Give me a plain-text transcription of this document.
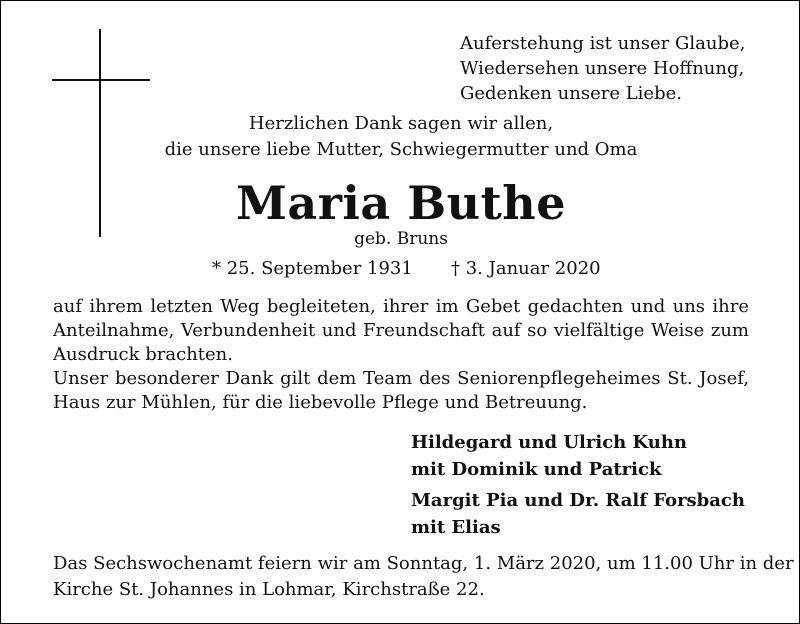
Auferstehung ist unser Glaube,
Wiedersehen unsere Hoffnung,
Gedenken unsere Liebe.
Herzlichen Dank sagen wir allen,
die unsere liebe Mutter, Schwiegermutter und Oma
Maria Buthe
geb. Bruns
* 25. September 1931 † 3. Januar 2020

auf ihrem letzten Weg begleiteten, ihrer im Gebet gedachten und uns ihre Anteilnahme, Verbundenheit und Freundschaft auf so vielfältige Weise zum Ausdruck brachten.

Unser besonderer Dank gilt dem Team des Seniorenpflegeheimes St. Josef, Haus zur Mühlen, für die liebevolle Pflege und Betreuung.

Hildegard und Ulrich Kuhn
mit Dominik und Patrick
Margit Pia und Dr. Ralf Forsbach
mit Elias
Das Sechswochenamt feiern wir am Sonntag, 1. März 2020, um 11.00 Uhr in der
Kirche St. Johannes in Lohmar, Kirchstraße 22.
